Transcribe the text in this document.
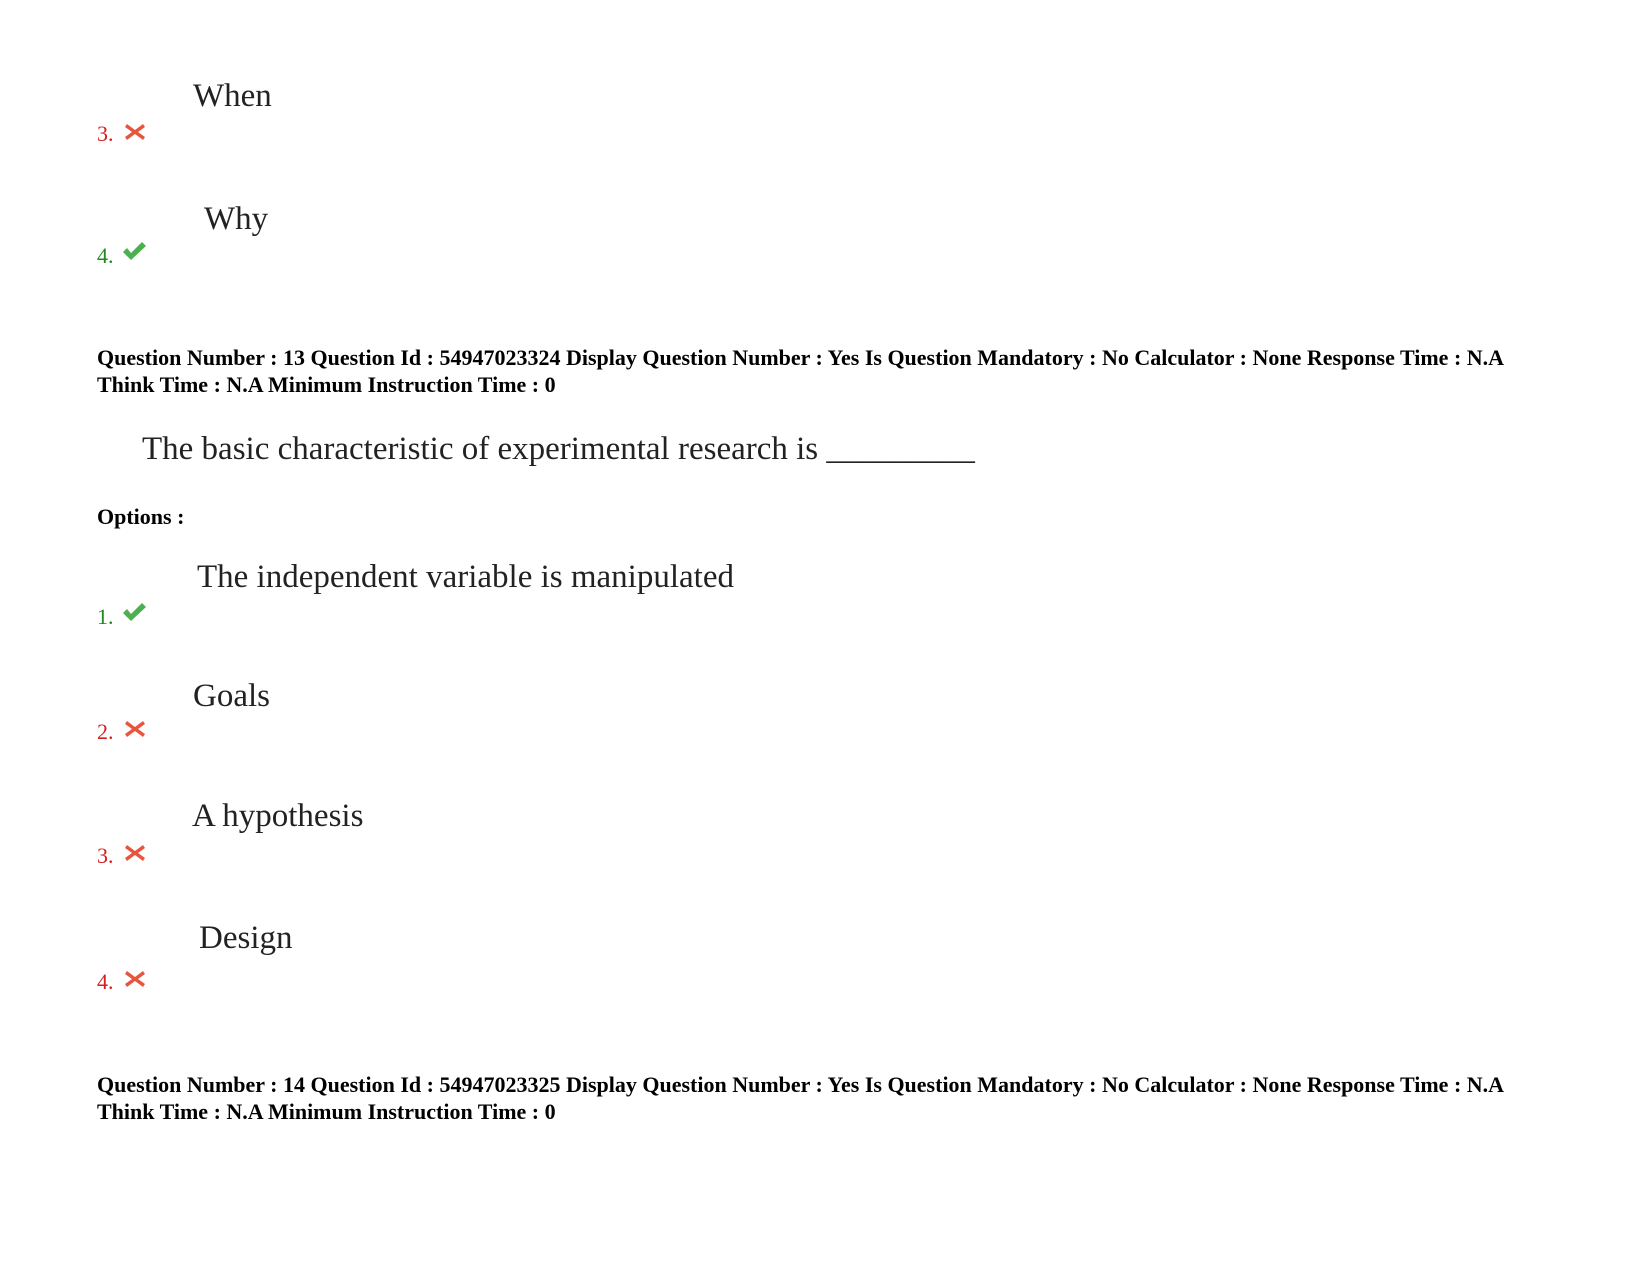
When
3.
Why
4.
Question Number : 13 Question Id : 54947023324 Display Question Number : Yes Is Question Mandatory : No Calculator : None Response Time : N.A Think Time : N.A Minimum Instruction Time : 0
The basic characteristic of experimental research is _________
Options :
The independent variable is manipulated
1.
Goals
2.
A hypothesis
3.
Design
4.
Question Number : 14 Question Id : 54947023325 Display Question Number : Yes Is Question Mandatory : No Calculator : None Response Time : N.A Think Time : N.A Minimum Instruction Time : 0
